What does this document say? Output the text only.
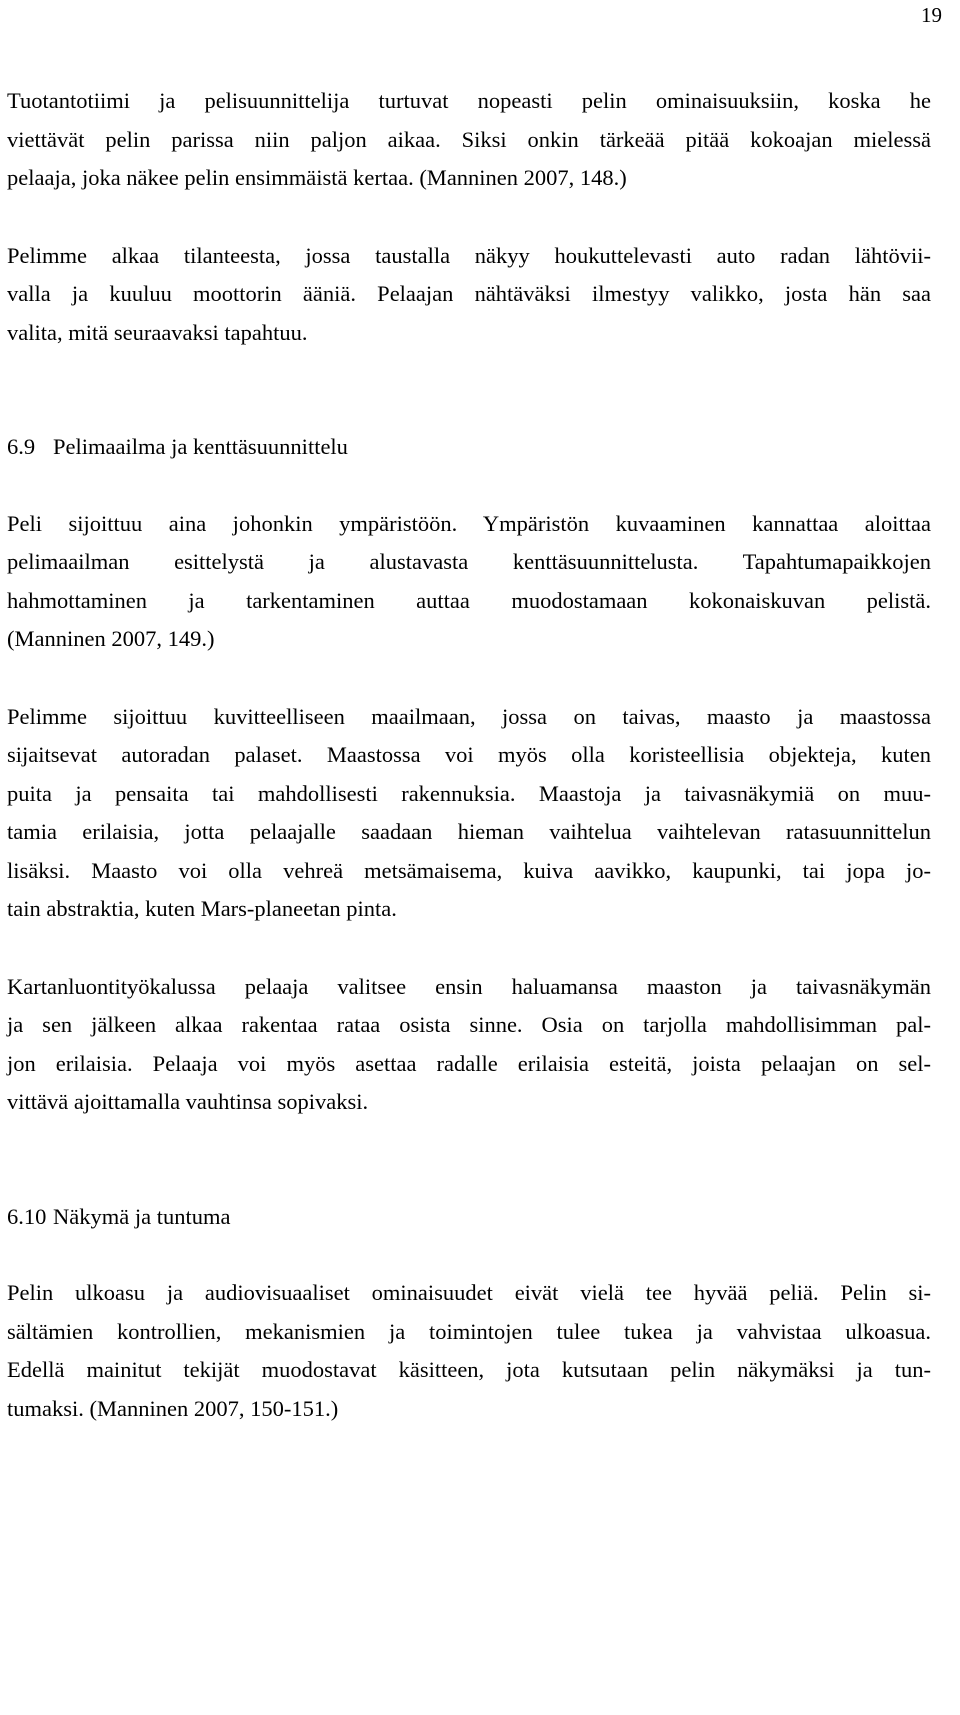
19

Tuotantotiimi ja pelisuunnittelija turtuvat nopeasti pelin ominaisuuksiin, koska he
viettävät pelin parissa niin paljon aikaa. Siksi onkin tärkeää pitää kokoajan mielessä
pelaaja, joka näkee pelin ensimmäistä kertaa. (Manninen 2007, 148.)

Pelimme alkaa tilanteesta, jossa taustalla näkyy houkuttelevasti auto radan lähtövii-
valla ja kuuluu moottorin ääniä. Pelaajan nähtäväksi ilmestyy valikko, josta hän saa
valita, mitä seuraavaksi tapahtuu.

6.9 Pelimaailma ja kenttäsuunnittelu

Peli sijoittuu aina johonkin ympäristöön. Ympäristön kuvaaminen kannattaa aloittaa
pelimaailman esittelystä ja alustavasta kenttäsuunnittelusta. Tapahtumapaikkojen
hahmottaminen ja tarkentaminen auttaa muodostamaan kokonaiskuvan pelistä.
(Manninen 2007, 149.)

Pelimme sijoittuu kuvitteelliseen maailmaan, jossa on taivas, maasto ja maastossa
sijaitsevat autoradan palaset. Maastossa voi myös olla koristeellisia objekteja, kuten
puita ja pensaita tai mahdollisesti rakennuksia. Maastoja ja taivasnäkymiä on muu-
tamia erilaisia, jotta pelaajalle saadaan hieman vaihtelua vaihtelevan ratasuunnittelun
lisäksi. Maasto voi olla vehreä metsämaisema, kuiva aavikko, kaupunki, tai jopa jo-
tain abstraktia, kuten Mars-planeetan pinta.

Kartanluontityökalussa pelaaja valitsee ensin haluamansa maaston ja taivasnäkymän
ja sen jälkeen alkaa rakentaa rataa osista sinne. Osia on tarjolla mahdollisimman pal-
jon erilaisia. Pelaaja voi myös asettaa radalle erilaisia esteitä, joista pelaajan on sel-
vittävä ajoittamalla vauhtinsa sopivaksi.

6.10 Näkymä ja tuntuma

Pelin ulkoasu ja audiovisuaaliset ominaisuudet eivät vielä tee hyvää peliä. Pelin si-
sältämien kontrollien, mekanismien ja toimintojen tulee tukea ja vahvistaa ulkoasua.
Edellä mainitut tekijät muodostavat käsitteen, jota kutsutaan pelin näkymäksi ja tun-
tumaksi. (Manninen 2007, 150-151.)
